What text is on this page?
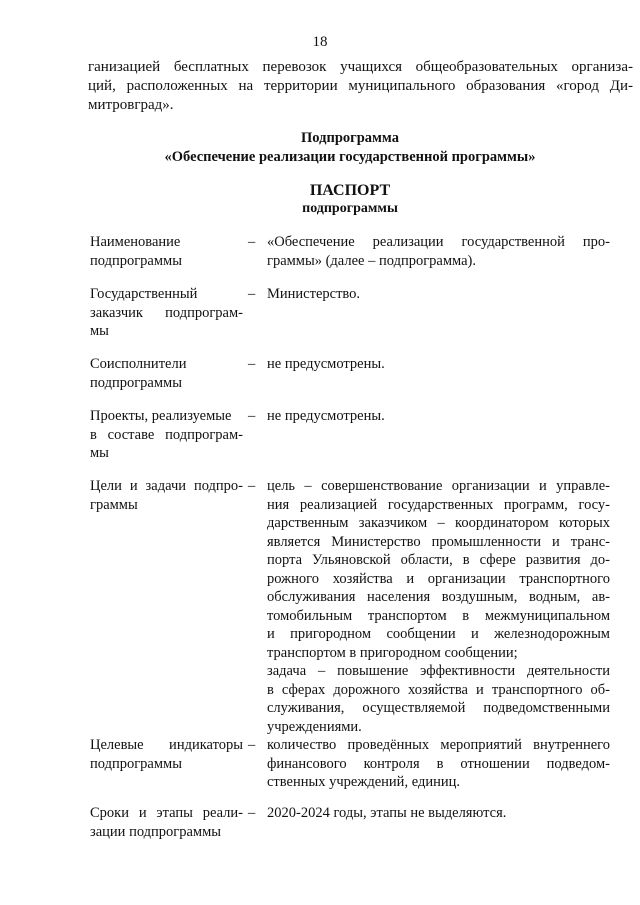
18
ганизацией бесплатных перевозок учащихся общеобразовательных организа-
ций, расположенных на территории муниципального образования «город Ди-
митровград».
Подпрограмма
«Обеспечение реализации государственной программы»
ПАСПОРТ
подпрограммы
Наименование
подпрограммы
– «Обеспечение реализации государственной про-
граммы» (далее – подпрограмма).
Государственный
заказчик подпрограм-
мы
– Министерство.
Соисполнители
подпрограммы
– не предусмотрены.
Проекты, реализуемые
в составе подпрограм-
мы
– не предусмотрены.
Цели и задачи подпро-
граммы
– цель – совершенствование организации и управле-
ния реализацией государственных программ, госу-
дарственным заказчиком – координатором которых
является Министерство промышленности и транс-
порта Ульяновской области, в сфере развития до-
рожного хозяйства и организации транспортного
обслуживания населения воздушным, водным, ав-
томобильным транспортом в межмуниципальном
и пригородном сообщении и железнодорожным
транспортом в пригородном сообщении;
задача – повышение эффективности деятельности
в сферах дорожного хозяйства и транспортного об-
служивания, осуществляемой подведомственными
учреждениями.
Целевые индикаторы
подпрограммы
– количество проведённых мероприятий внутреннего
финансового контроля в отношении подведом-
ственных учреждений, единиц.
Сроки и этапы реали-
зации подпрограммы
– 2020-2024 годы, этапы не выделяются.
